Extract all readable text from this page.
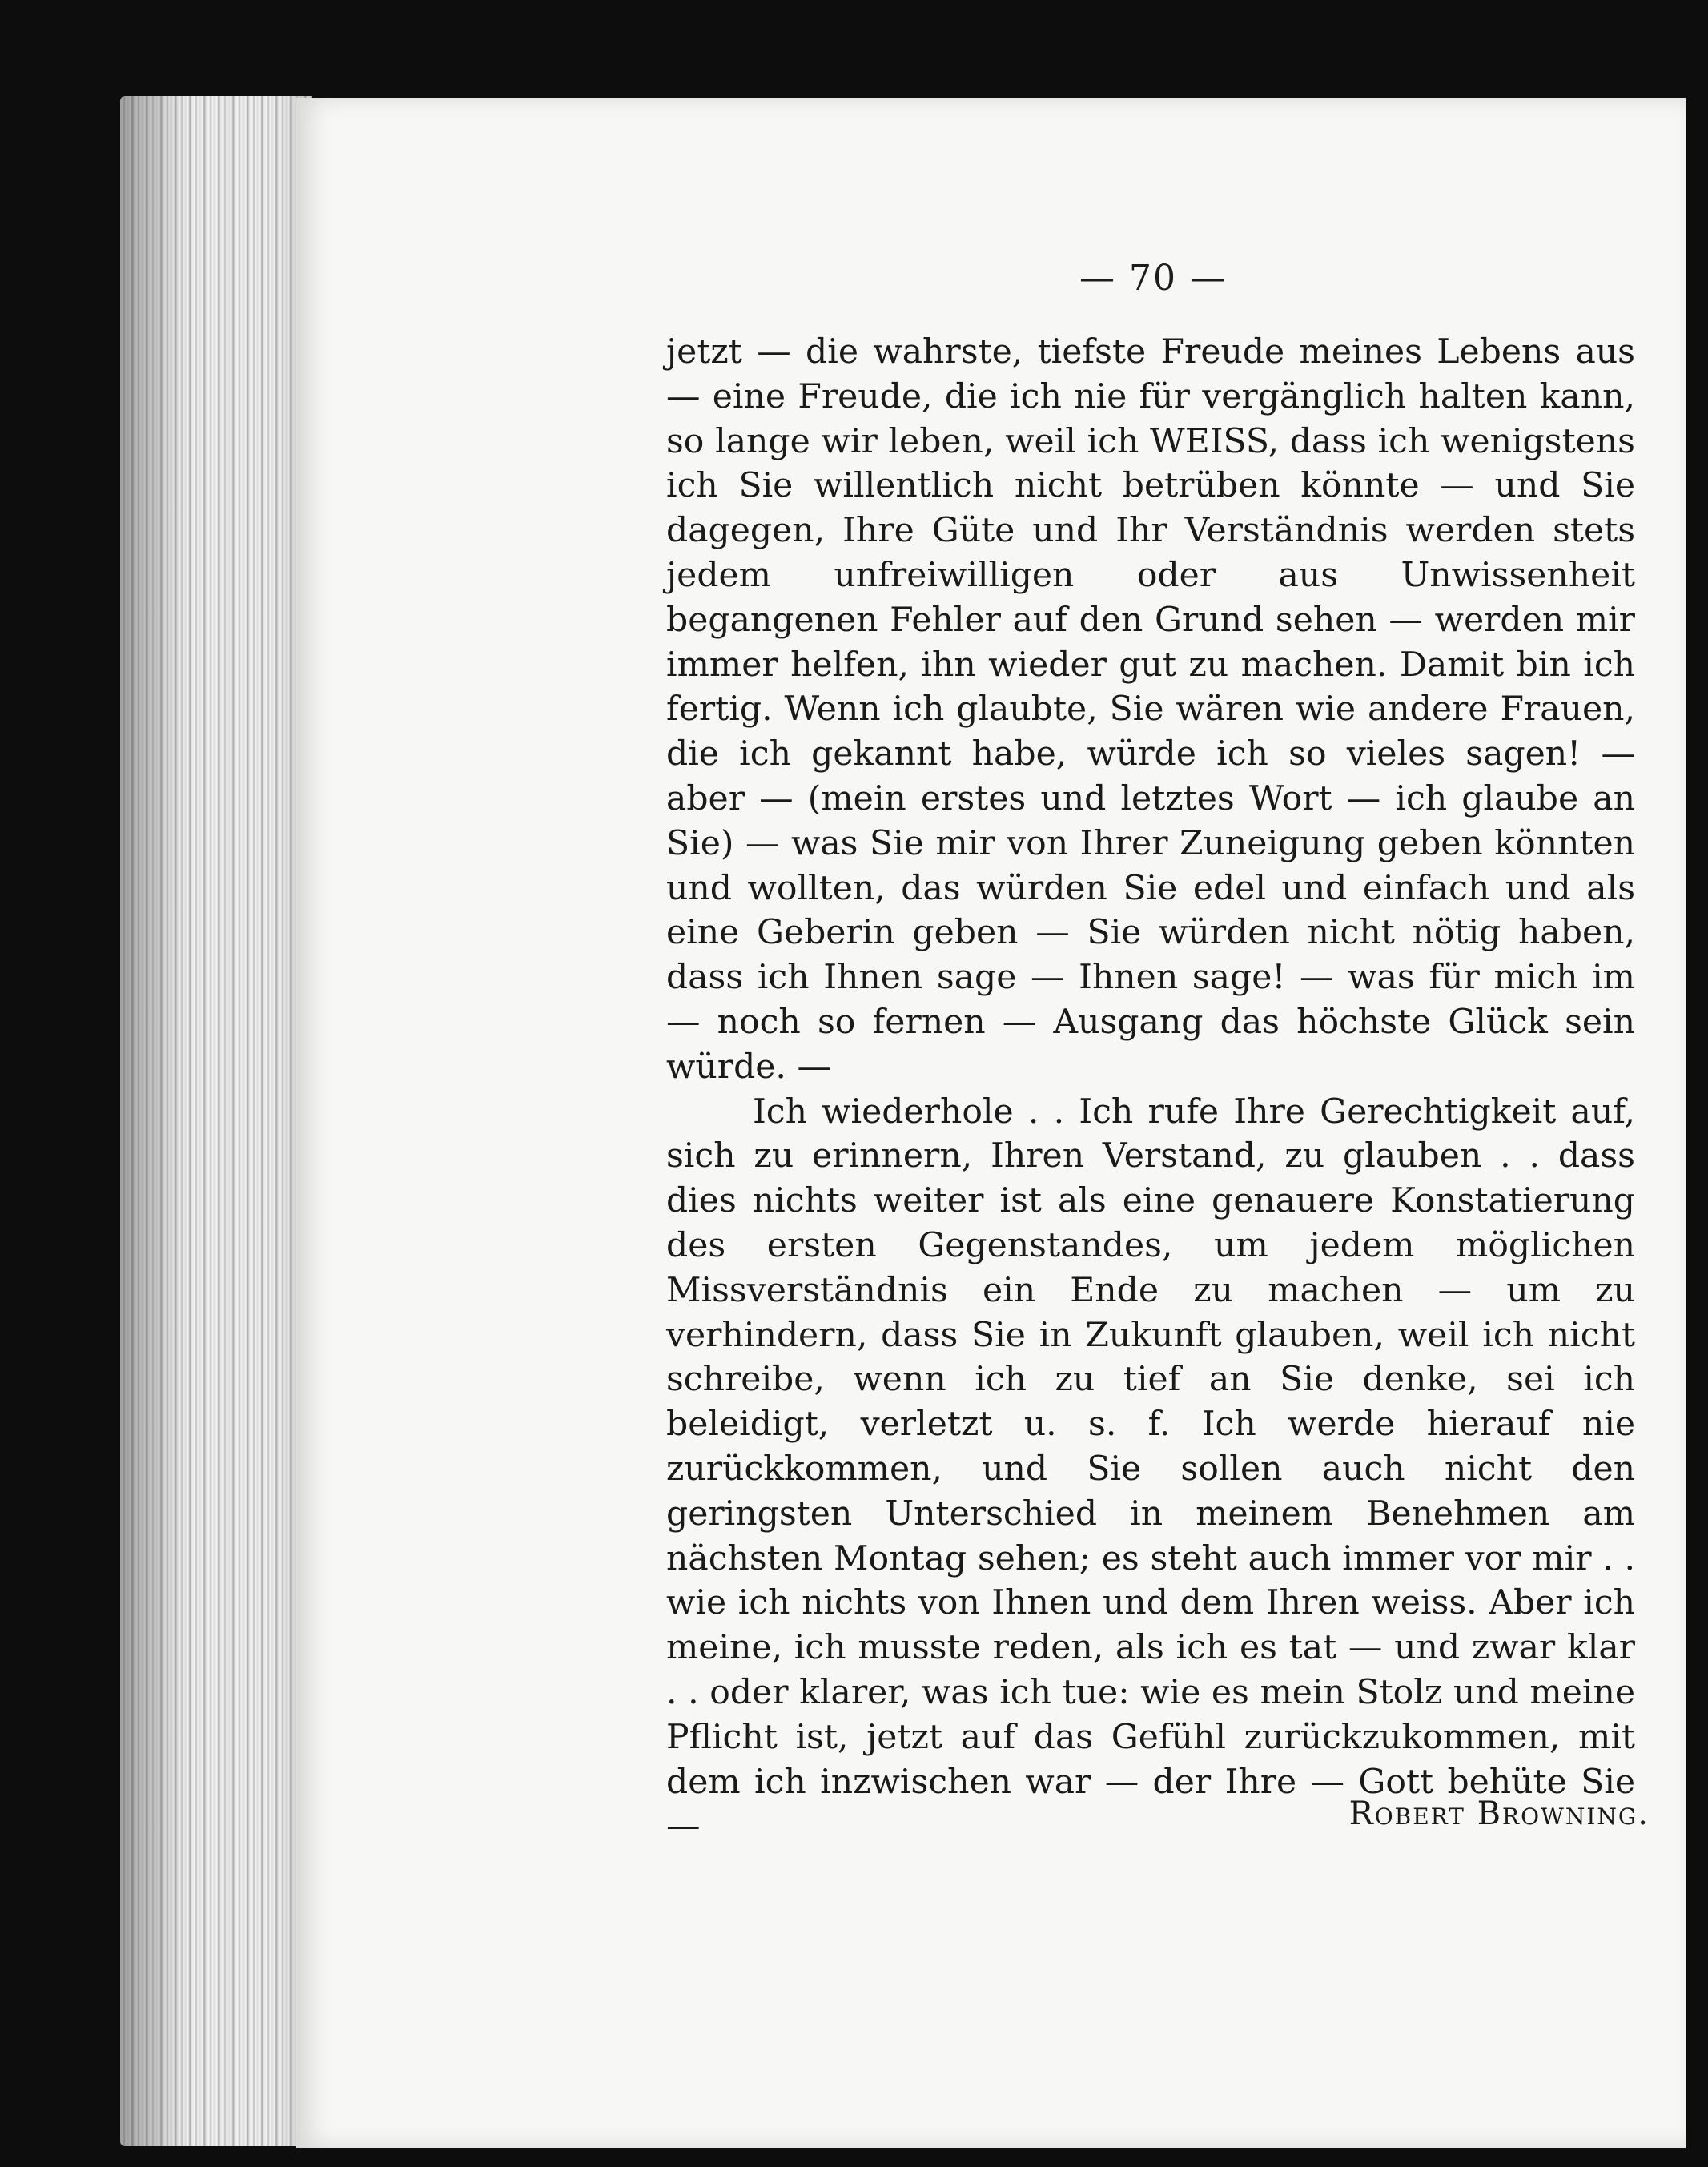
— 70 —

jetzt — die wahrste, tiefste Freude meines Lebens aus — eine Freude, die ich nie für vergänglich halten kann, so lange wir leben, weil ich WEISS, dass ich wenigstens ich Sie willentlich nicht betrüben könnte — und Sie dagegen, Ihre Güte und Ihr Verständnis werden stets jedem unfreiwilligen oder aus Unwissenheit begangenen Fehler auf den Grund sehen — werden mir immer helfen, ihn wieder gut zu machen. Damit bin ich fertig. Wenn ich glaubte, Sie wären wie andere Frauen, die ich gekannt habe, würde ich so vieles sagen! — aber — (mein erstes und letztes Wort — ich glaube an Sie) — was Sie mir von Ihrer Zuneigung geben könnten und wollten, das würden Sie edel und einfach und als eine Geberin geben — Sie würden nicht nötig haben, dass ich Ihnen sage — Ihnen sage! — was für mich im — noch so fernen — Ausgang das höchste Glück sein würde. —

Ich wiederhole . . Ich rufe Ihre Gerechtigkeit auf, sich zu erinnern, Ihren Verstand, zu glauben . . dass dies nichts weiter ist als eine genauere Konstatierung des ersten Gegenstandes, um jedem möglichen Missverständnis ein Ende zu machen — um zu verhindern, dass Sie in Zukunft glauben, weil ich nicht schreibe, wenn ich zu tief an Sie denke, sei ich beleidigt, verletzt u. s. f. Ich werde hierauf nie zurückkommen, und Sie sollen auch nicht den geringsten Unterschied in meinem Benehmen am nächsten Montag sehen; es steht auch immer vor mir . . wie ich nichts von Ihnen und dem Ihren weiss. Aber ich meine, ich musste reden, als ich es tat — und zwar klar . . oder klarer, was ich tue: wie es mein Stolz und meine Pflicht ist, jetzt auf das Gefühl zurückzukommen, mit dem ich inzwischen war — der Ihre — Gott behüte Sie —	Robert Browning.
